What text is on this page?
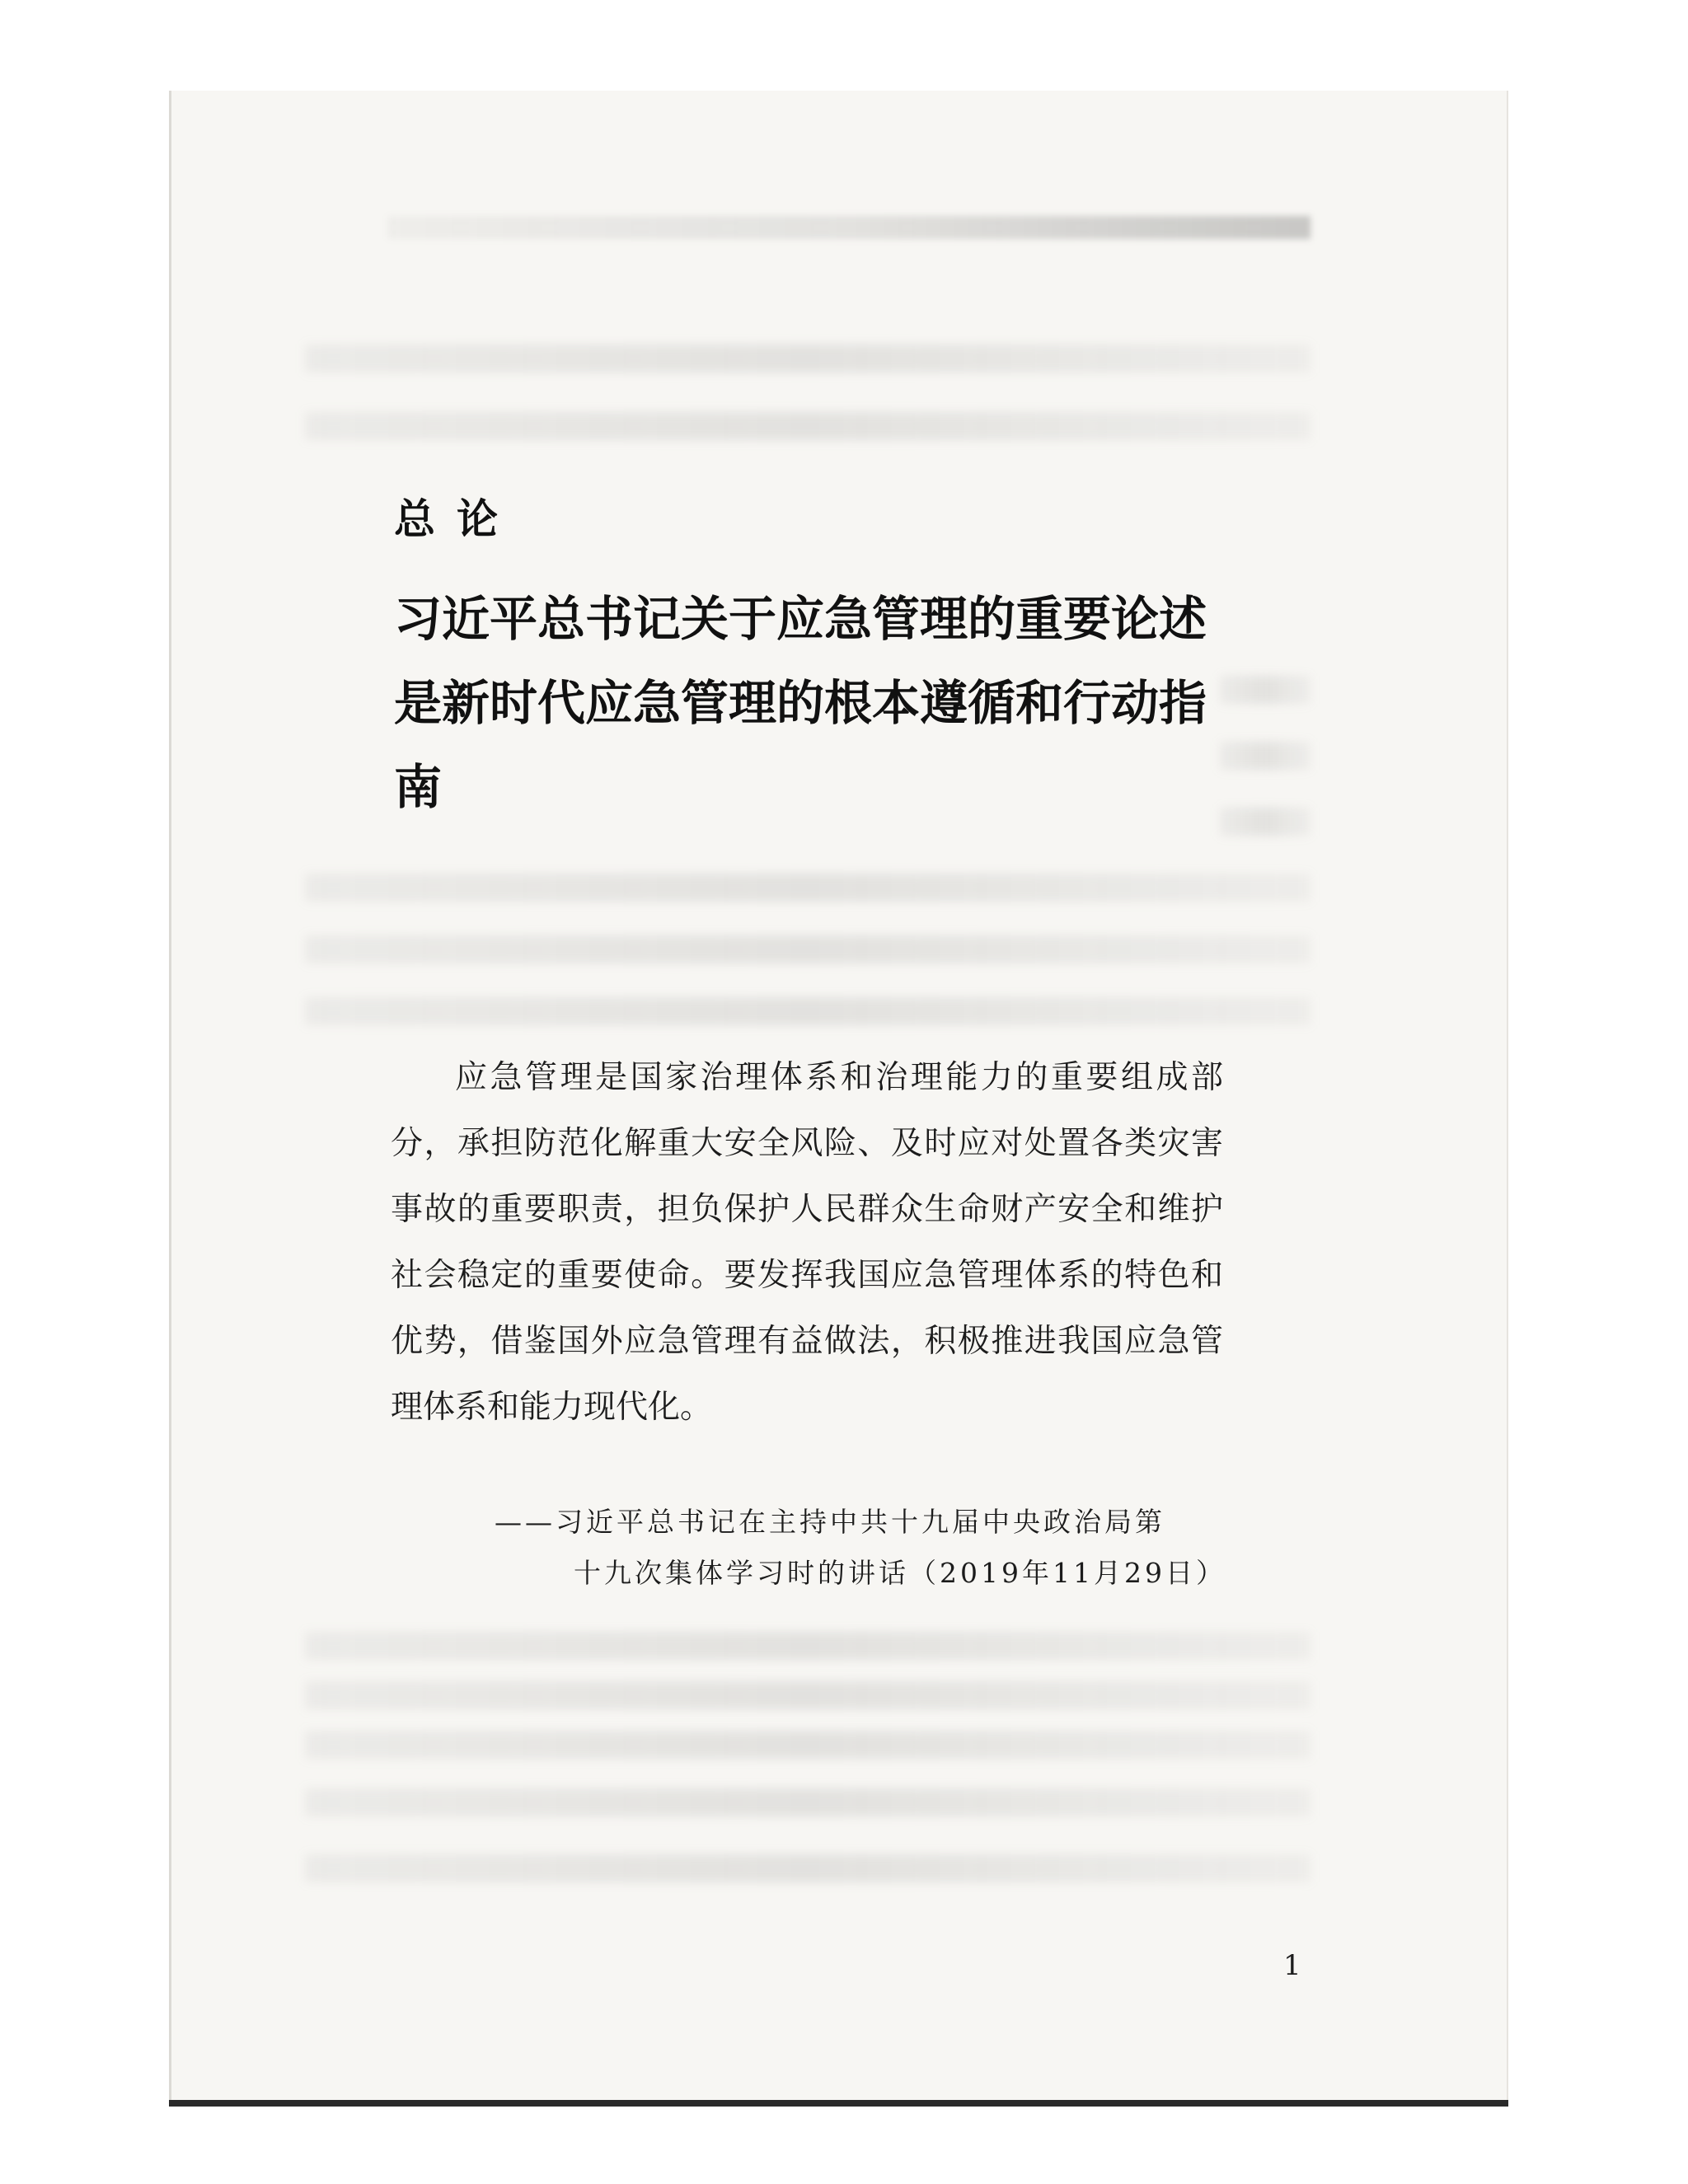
总论
习近平总书记关于应急管理的重要论述是新时代应急管理的根本遵循和行动指南

应急管理是国家治理体系和治理能力的重要组成部分，承担防范化解重大安全风险、及时应对处置各类灾害事故的重要职责，担负保护人民群众生命财产安全和维护社会稳定的重要使命。要发挥我国应急管理体系的特色和优势，借鉴国外应急管理有益做法，积极推进我国应急管理体系和能力现代化。

——习近平总书记在主持中共十九届中央政治局第
十九次集体学习时的讲话（2019年11月29日）
1
